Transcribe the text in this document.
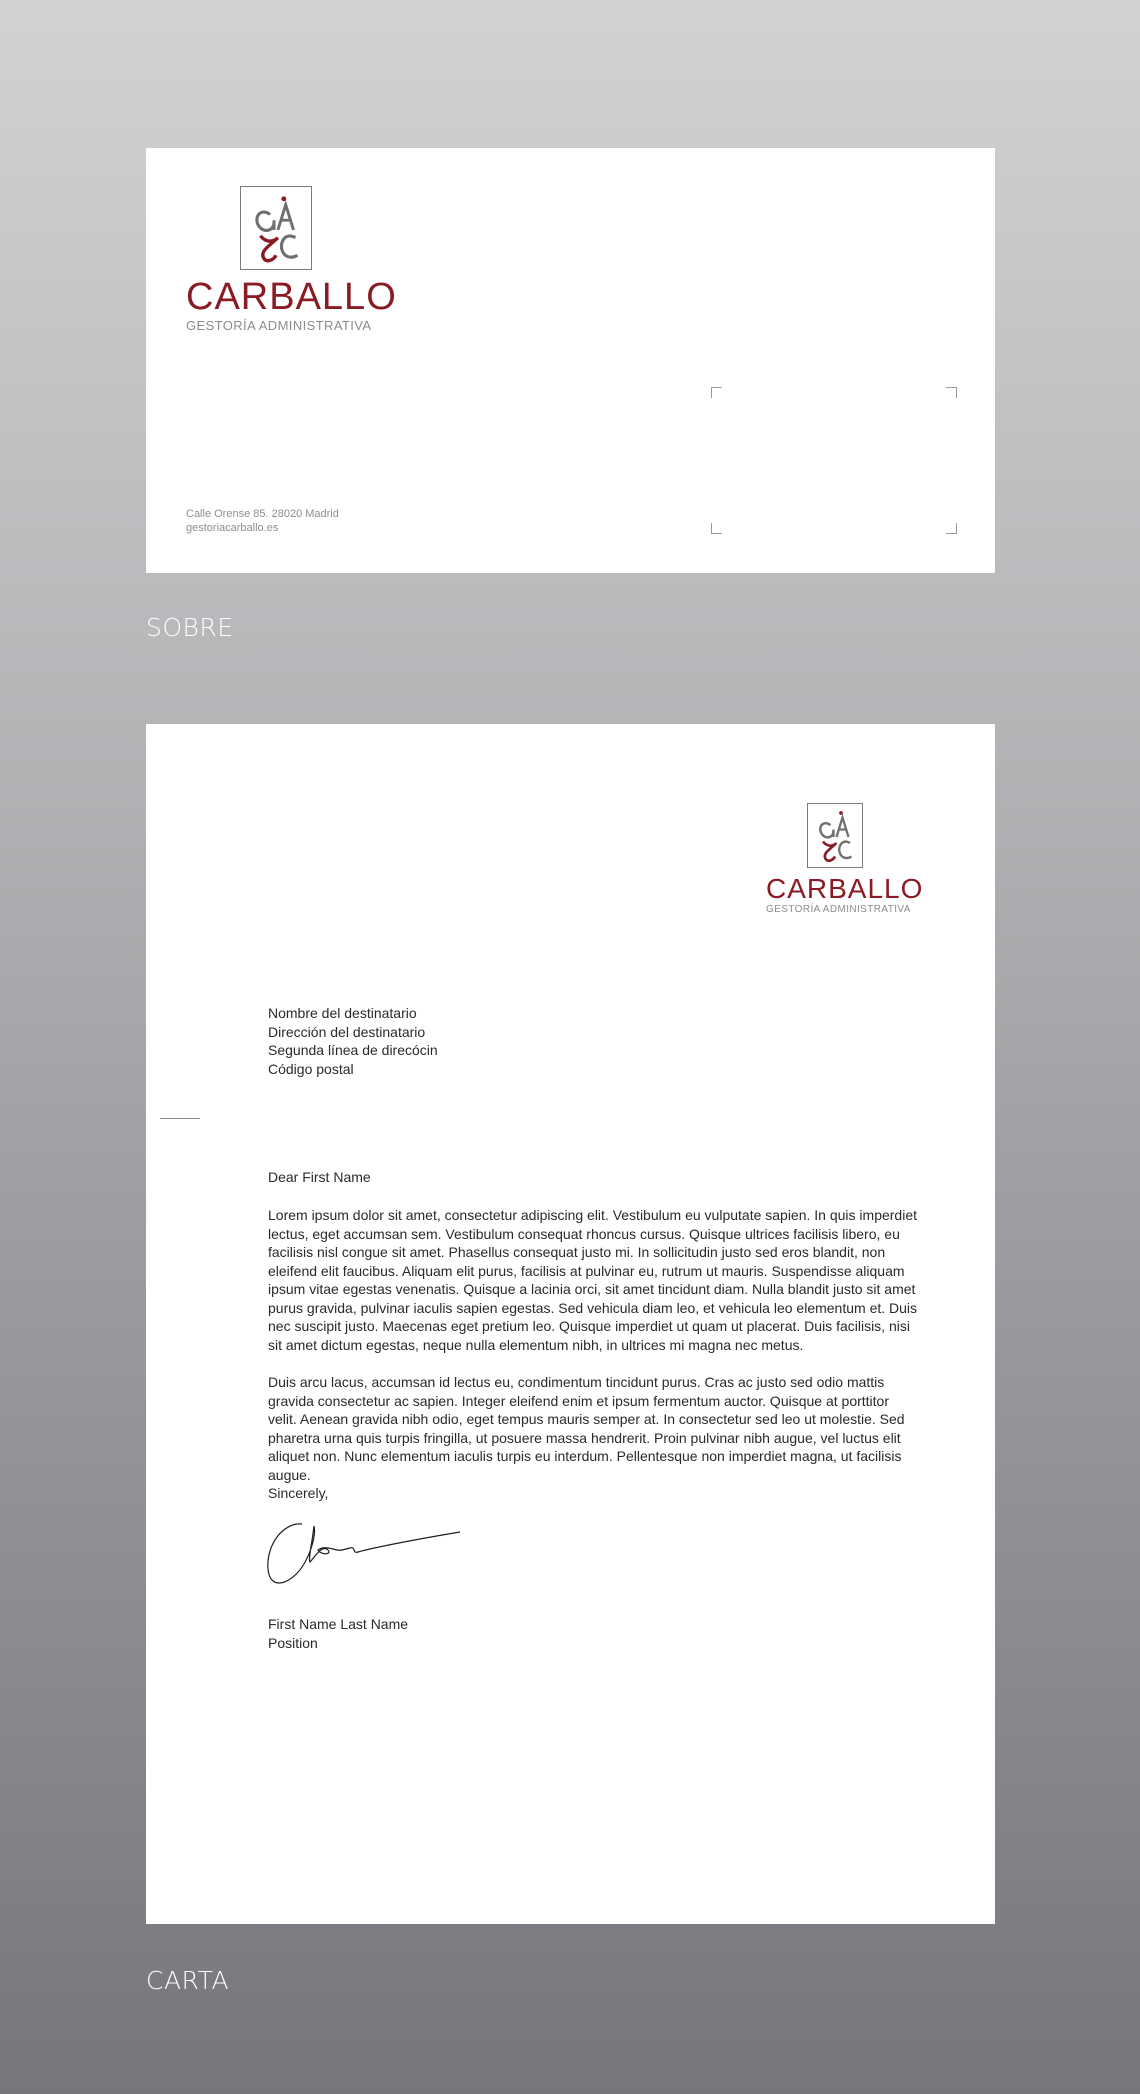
CARBALLO
GESTORÍA ADMINISTRATIVA
Calle Orense 85. 28020 Madrid
gestoriacarballo.es
SOBRE
CARBALLO
GESTORÍA ADMINISTRATIVA
Nombre del destinatario
Dirección del destinatario
Segunda línea de direcócin
Código postal
Dear First Name
Lorem ipsum dolor sit amet, consectetur adipiscing elit. Vestibulum eu vulputate sapien. In quis imperdiet lectus, eget accumsan sem. Vestibulum consequat rhoncus cursus. Quisque ultrices facilisis libero, eu facilisis nisl congue sit amet. Phasellus consequat justo mi. In sollicitudin justo sed eros blandit, non eleifend elit faucibus. Aliquam elit purus, facilisis at pulvinar eu, rutrum ut mauris. Suspendisse aliquam ipsum vitae egestas venenatis. Quisque a lacinia orci, sit amet tincidunt diam. Nulla blandit justo sit amet purus gravida, pulvinar iaculis sapien egestas. Sed vehicula diam leo, et vehicula leo elementum et. Duis nec suscipit justo. Maecenas eget pretium leo. Quisque imperdiet ut quam ut placerat. Duis facilisis, nisi sit amet dictum egestas, neque nulla elementum nibh, in ultrices mi magna nec metus.
Duis arcu lacus, accumsan id lectus eu, condimentum tincidunt purus. Cras ac justo sed odio mattis gravida consectetur ac sapien. Integer eleifend enim et ipsum fermentum auctor. Quisque at porttitor velit. Aenean gravida nibh odio, eget tempus mauris semper at. In consectetur sed leo ut molestie. Sed pharetra urna quis turpis fringilla, ut posuere massa hendrerit. Proin pulvinar nibh augue, vel luctus elit aliquet non. Nunc elementum iaculis turpis eu interdum. Pellentesque non imperdiet magna, ut facilisis augue.
Sincerely,
First Name Last Name
Position
CARTA
